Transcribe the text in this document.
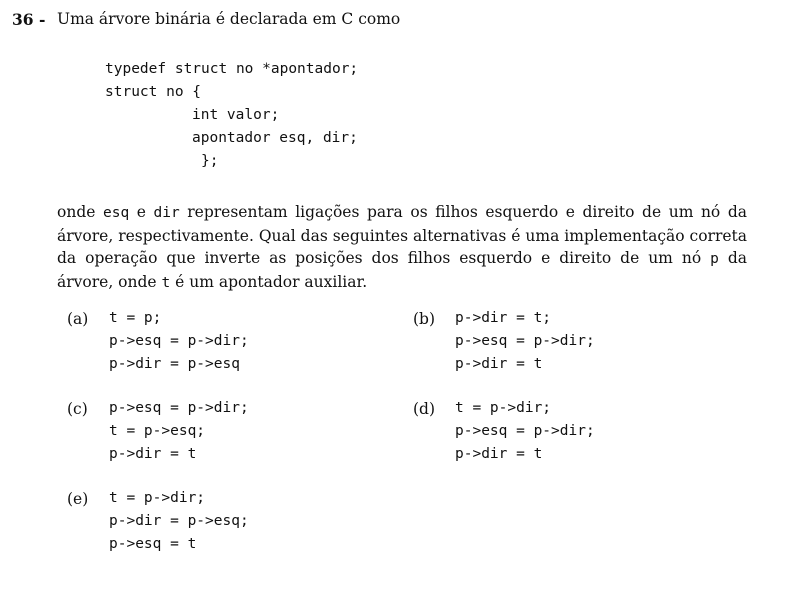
36 - Uma árvore binária é declarada em C como
typedef struct no *apontador;
struct no {
int valor;
apontador esq, dir;
};
onde esq e dir representam ligações para os filhos esquerdo e direito de um nó da árvore, respectivamente. Qual das seguintes alternativas é uma implementação correta da operação que inverte as posições dos filhos esquerdo e direito de um nó p da árvore, onde t é um apontador auxiliar.
(a) t = p;
p->esq = p->dir;
p->dir = p->esq
(b) p->dir = t;
p->esq = p->dir;
p->dir = t
(c) p->esq = p->dir;
t = p->esq;
p->dir = t
(d) t = p->dir;
p->esq = p->dir;
p->dir = t
(e) t = p->dir;
p->dir = p->esq;
p->esq = t
